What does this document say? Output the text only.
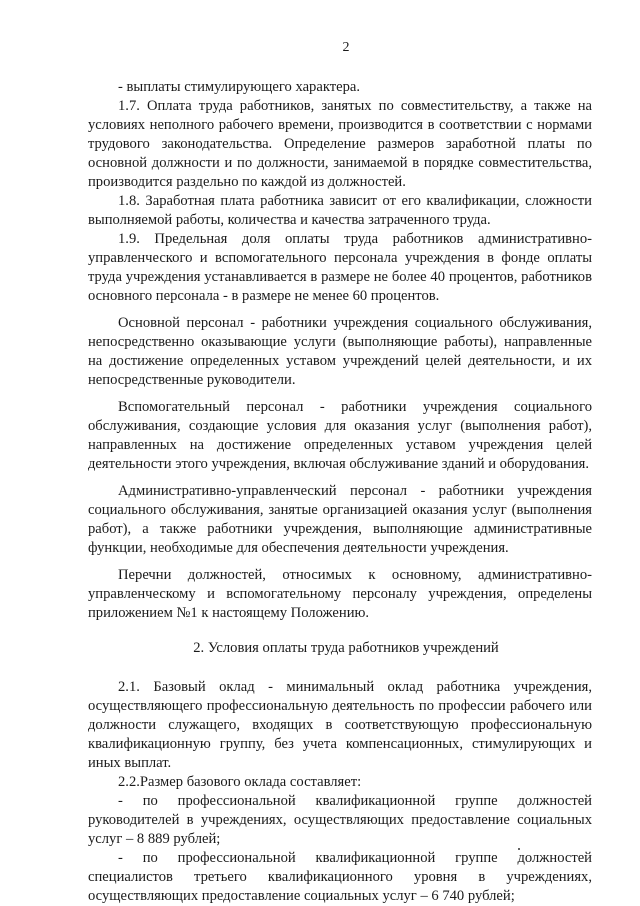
2

- выплаты стимулирующего характера.

1.7. Оплата труда работников, занятых по совместительству, а также на условиях неполного рабочего времени, производится в соответствии с нормами трудового законодательства. Определение размеров заработной платы по основной должности и по должности, занимаемой в порядке совместительства, производится раздельно по каждой из должностей.

1.8. Заработная плата работника зависит от его квалификации, сложности выполняемой работы, количества и качества затраченного труда.

1.9. Предельная доля оплаты труда работников административно-управленческого и вспомогательного персонала учреждения в фонде оплаты труда учреждения устанавливается в размере не более 40 процентов, работников основного персонала - в размере не менее 60 процентов.

Основной персонал - работники учреждения социального обслуживания, непосредственно оказывающие услуги (выполняющие работы), направленные на достижение определенных уставом учреждений целей деятельности, и их непосредственные руководители.

Вспомогательный персонал - работники учреждения социального обслуживания, создающие условия для оказания услуг (выполнения работ), направленных на достижение определенных уставом учреждения целей деятельности этого учреждения, включая обслуживание зданий и оборудования.

Административно-управленческий персонал - работники учреждения социального обслуживания, занятые организацией оказания услуг (выполнения работ), а также работники учреждения, выполняющие административные функции, необходимые для обеспечения деятельности учреждения.

Перечни должностей, относимых к основному, административно-управленческому и вспомогательному персоналу учреждения, определены приложением №1 к настоящему Положению.

2. Условия оплаты труда работников учреждений

2.1. Базовый оклад - минимальный оклад работника учреждения, осуществляющего профессиональную деятельность по профессии рабочего или должности служащего, входящих в соответствующую профессиональную квалификационную группу, без учета компенсационных, стимулирующих и иных выплат.

2.2.Размер базового оклада составляет:

- по профессиональной квалификационной группе должностей руководителей в учреждениях, осуществляющих предоставление социальных услуг – 8 889 рублей;

- по профессиональной квалификационной группе должностей специалистов третьего квалификационного уровня в учреждениях, осуществляющих предоставление социальных услуг – 6 740 рублей;
